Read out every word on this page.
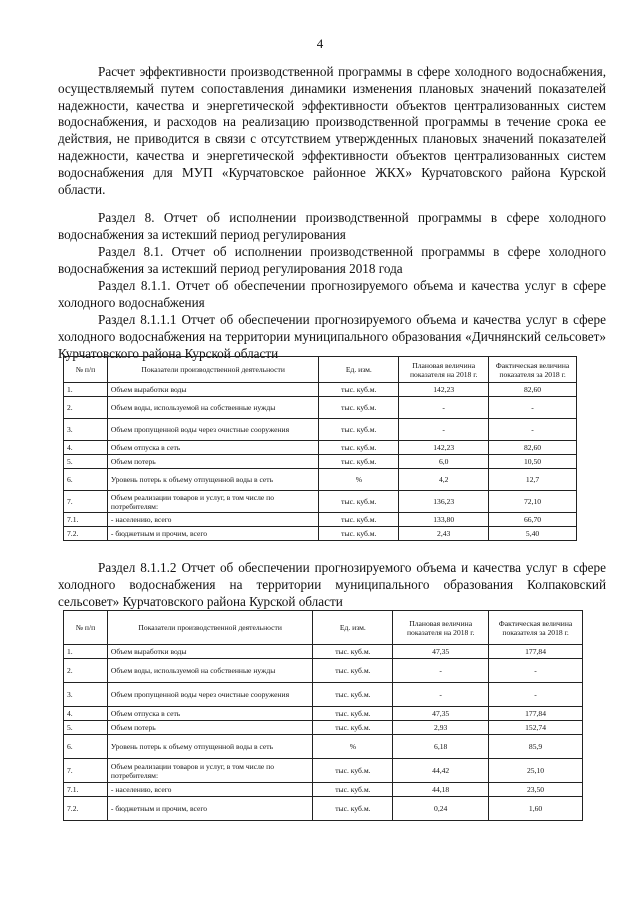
4
Расчет эффективности производственной программы в сфере холодного водоснабжения, осуществляемый путем сопоставления динамики изменения плановых значений показателей надежности, качества и энергетической эффективности объектов централизованных систем водоснабжения, и расходов на реализацию производственной программы в течение срока ее действия, не приводится в связи с отсутствием утвержденных плановых значений показателей надежности, качества и энергетической эффективности объектов централизованных систем водоснабжения для МУП «Курчатовское районное ЖКХ» Курчатовского района Курской области.
Раздел 8. Отчет об исполнении производственной программы в сфере холодного водоснабжения за истекший период регулирования
Раздел 8.1. Отчет об исполнении производственной программы в сфере холодного водоснабжения за истекший период регулирования 2018 года
Раздел 8.1.1. Отчет об обеспечении прогнозируемого объема и качества услуг в сфере холодного водоснабжения
Раздел 8.1.1.1 Отчет об обеспечении прогнозируемого объема и качества услуг в сфере холодного водоснабжения на территории муниципального образования «Дичнянский сельсовет» Курчатовского района Курской области
№ п/п	Показатели производственной деятельности	Ед. изм.	Плановая величина показателя на 2018 г.	Фактическая величина показателя за 2018 г.
1.	Объем выработки воды	тыс. куб.м.	142,23	82,60
2.	Объем воды, используемой на собственные нужды	тыс. куб.м.	-	-
3.	Объем пропущенной воды через очистные сооружения	тыс. куб.м.	-	-
4.	Объем отпуска в сеть	тыс. куб.м.	142,23	82,60
5.	Объем потерь	тыс. куб.м.	6,0	10,50
6.	Уровень потерь к объему отпущенной воды в сеть	%	4,2	12,7
7.	Объем реализации товаров и услуг, в том числе по потребителям:	тыс. куб.м.	136,23	72,10
7.1.	- населению, всего	тыс. куб.м.	133,80	66,70
7.2.	- бюджетным и прочим, всего	тыс. куб.м.	2,43	5,40
Раздел 8.1.1.2 Отчет об обеспечении прогнозируемого объема и качества услуг в сфере холодного водоснабжения на территории муниципального образования Колпаковский сельсовет» Курчатовского района Курской области
№ п/п	Показатели производственной деятельности	Ед. изм.	Плановая величина показателя на 2018 г.	Фактическая величина показателя за 2018 г.
1.	Объем выработки воды	тыс. куб.м.	47,35	177,84
2.	Объем воды, используемой на собственные нужды	тыс. куб.м.	-	-
3.	Объем пропущенной воды через очистные сооружения	тыс. куб.м.	-	-
4.	Объем отпуска в сеть	тыс. куб.м.	47,35	177,84
5.	Объем потерь	тыс. куб.м.	2,93	152,74
6.	Уровень потерь к объему отпущенной воды в сеть	%	6,18	85,9
7.	Объем реализации товаров и услуг, в том числе по потребителям:	тыс. куб.м.	44,42	25,10
7.1.	- населению, всего	тыс. куб.м.	44,18	23,50
7.2.	- бюджетным и прочим, всего	тыс. куб.м.	0,24	1,60
